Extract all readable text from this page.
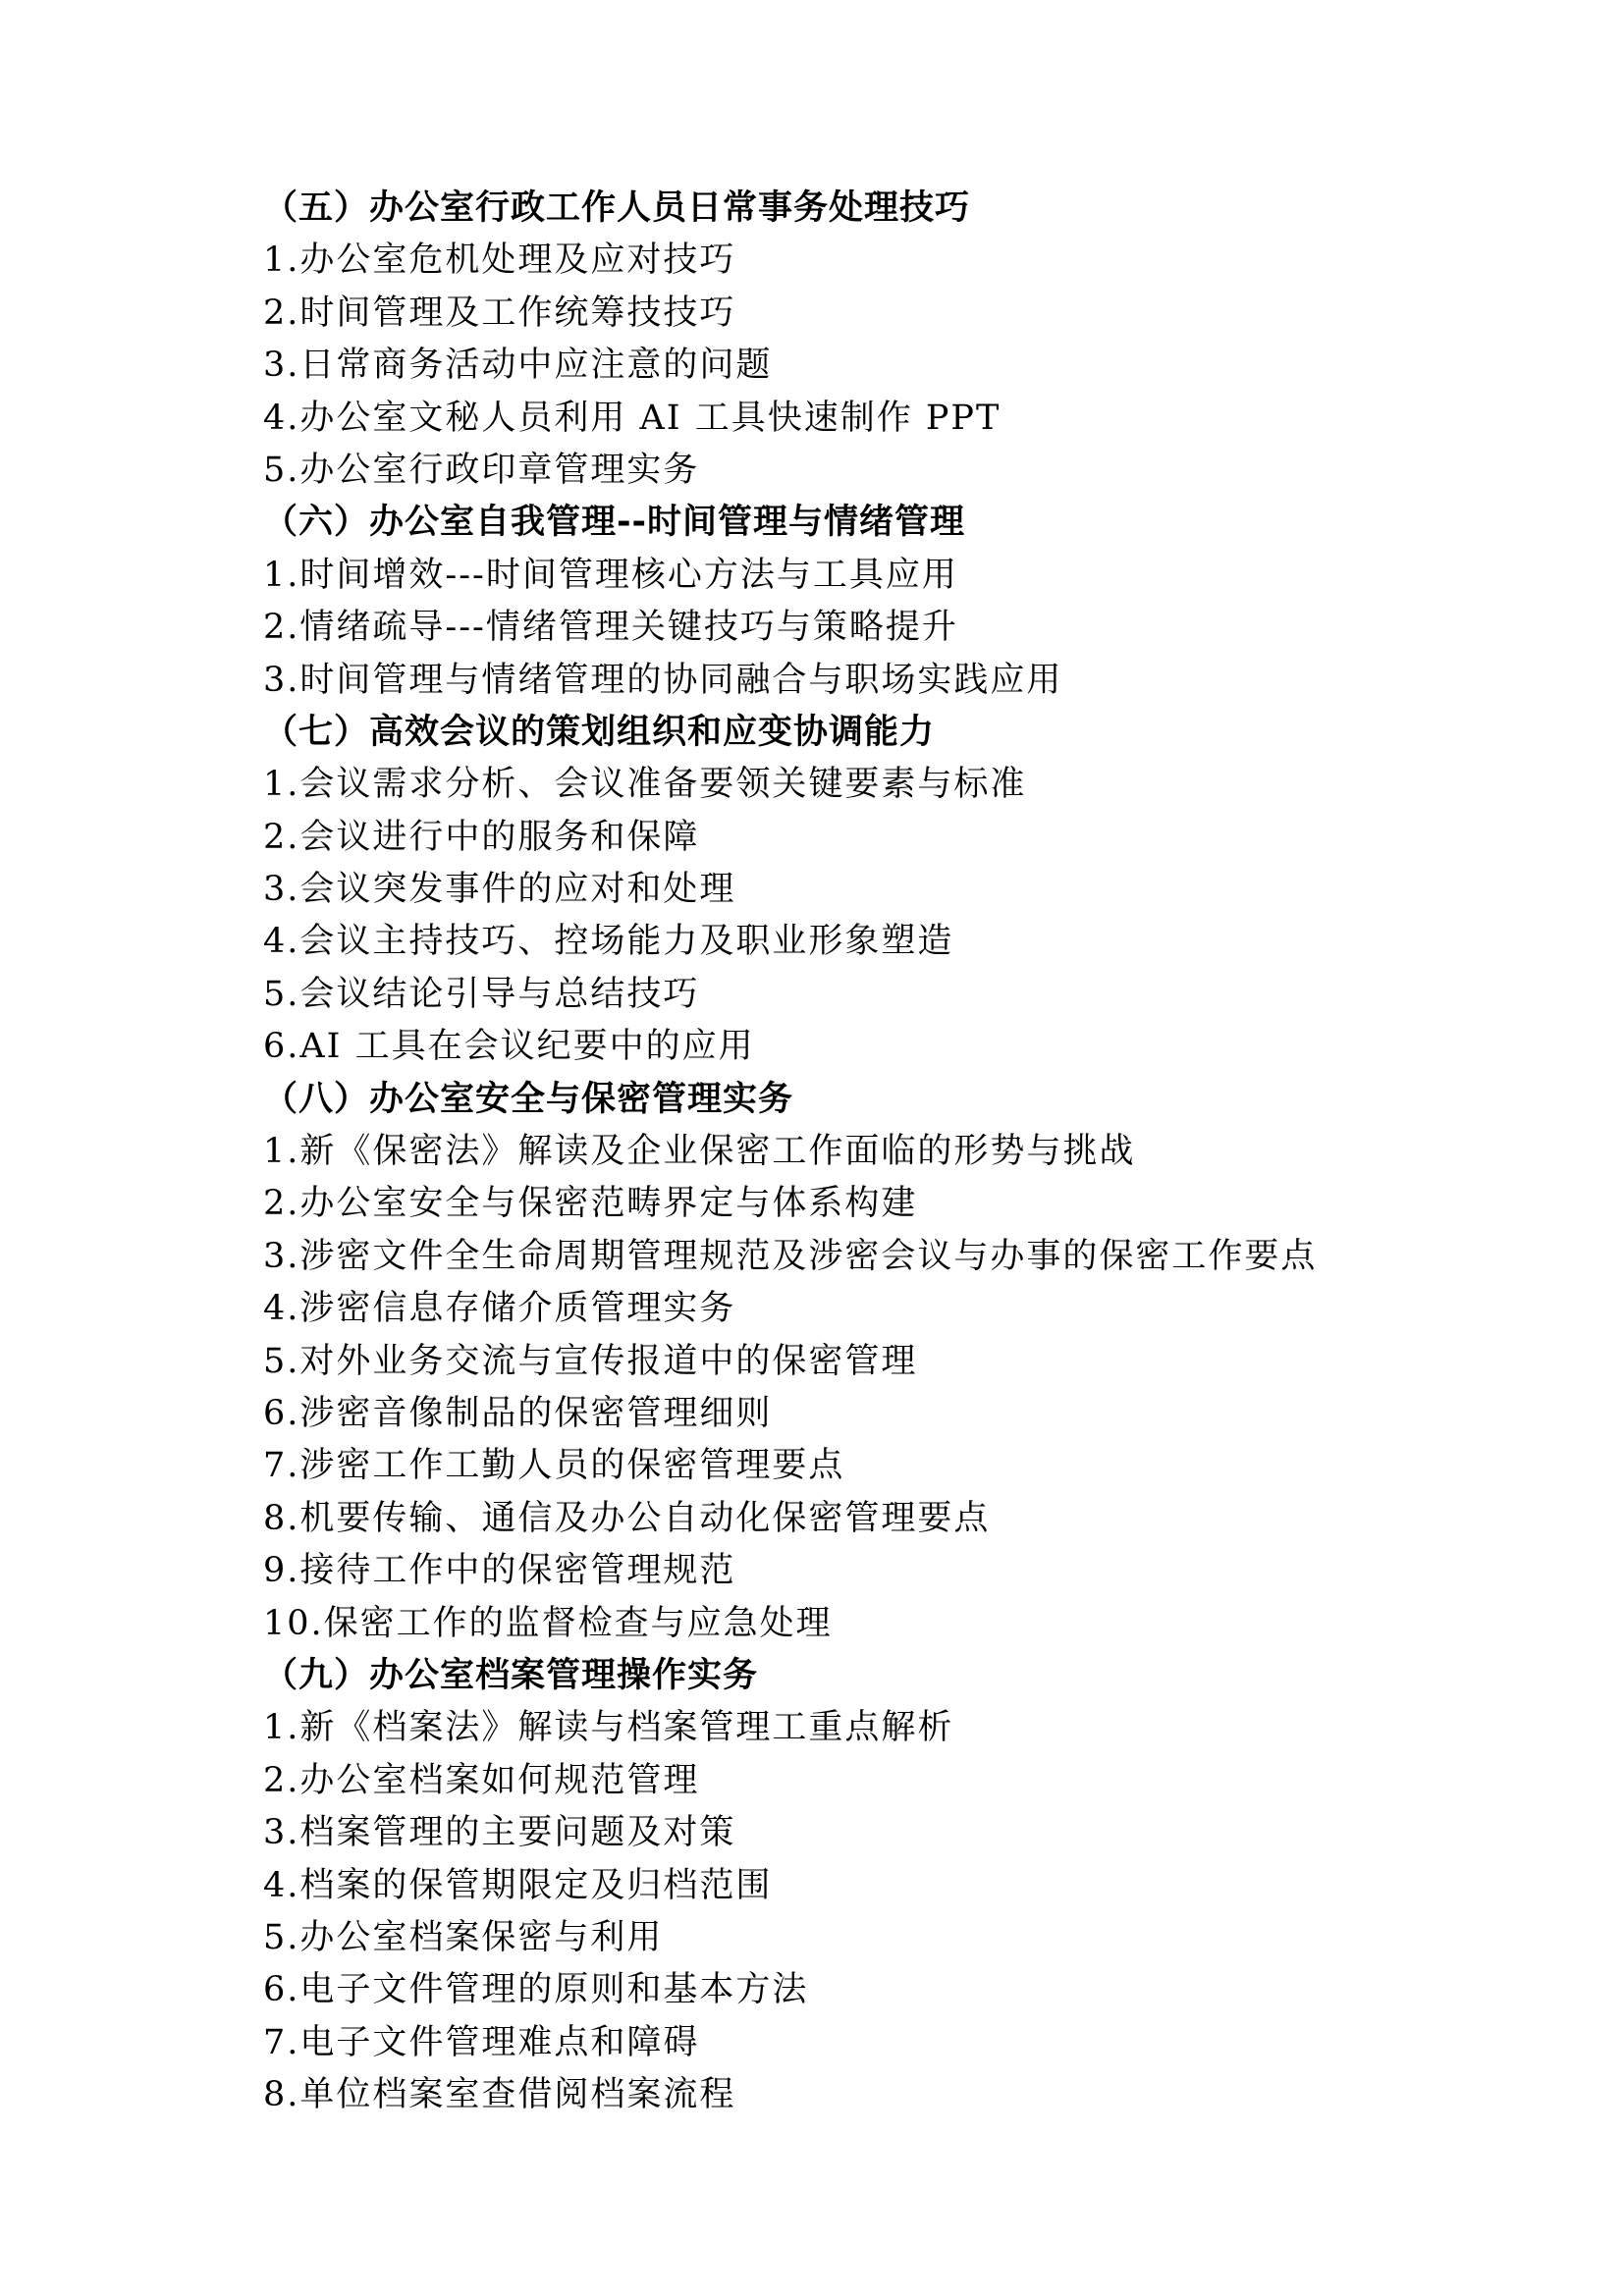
（五）办公室行政工作人员日常事务处理技巧
1.办公室危机处理及应对技巧
2.时间管理及工作统筹技技巧
3.日常商务活动中应注意的问题
4.办公室文秘人员利用 AI 工具快速制作 PPT
5.办公室行政印章管理实务
（六）办公室自我管理--时间管理与情绪管理
1.时间增效---时间管理核心方法与工具应用
2.情绪疏导---情绪管理关键技巧与策略提升
3.时间管理与情绪管理的协同融合与职场实践应用
（七）高效会议的策划组织和应变协调能力
1.会议需求分析、会议准备要领关键要素与标准
2.会议进行中的服务和保障
3.会议突发事件的应对和处理
4.会议主持技巧、控场能力及职业形象塑造
5.会议结论引导与总结技巧
6.AI 工具在会议纪要中的应用
（八）办公室安全与保密管理实务
1.新《保密法》解读及企业保密工作面临的形势与挑战
2.办公室安全与保密范畴界定与体系构建
3.涉密文件全生命周期管理规范及涉密会议与办事的保密工作要点
4.涉密信息存储介质管理实务
5.对外业务交流与宣传报道中的保密管理
6.涉密音像制品的保密管理细则
7.涉密工作工勤人员的保密管理要点
8.机要传输、通信及办公自动化保密管理要点
9.接待工作中的保密管理规范
10.保密工作的监督检查与应急处理
（九）办公室档案管理操作实务
1.新《档案法》解读与档案管理工重点解析
2.办公室档案如何规范管理
3.档案管理的主要问题及对策
4.档案的保管期限定及归档范围
5.办公室档案保密与利用
6.电子文件管理的原则和基本方法
7.电子文件管理难点和障碍
8.单位档案室查借阅档案流程
